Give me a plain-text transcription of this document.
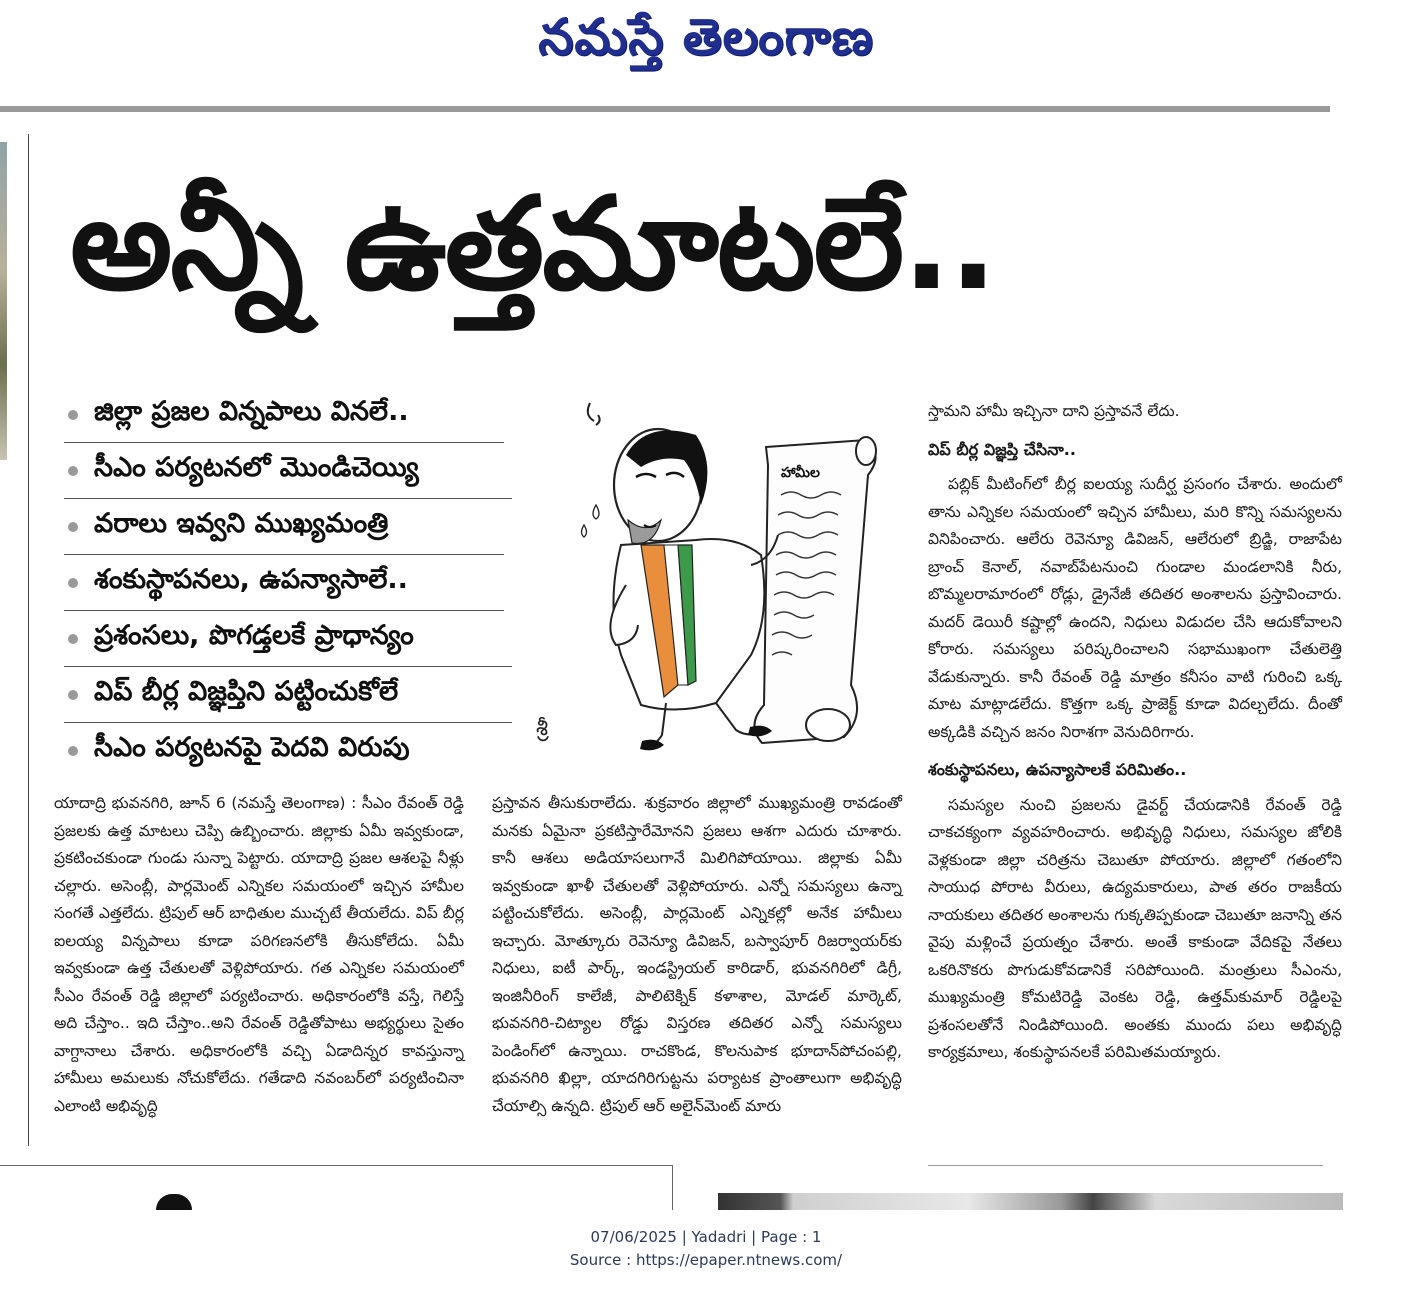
నమస్తే తెలంగాణ
అన్నీ ఉత్తమాటలే..
జిల్లా ప్రజల విన్నపాలు వినలే..
సీఎం పర్యటనలో మొండిచెయ్యి
వరాలు ఇవ్వని ముఖ్యమంత్రి
శంకుస్థాపనలు, ఉపన్యాసాలే..
ప్రశంసలు, పొగడ్తలకే ప్రాధాన్యం
విప్ బీర్ల విజ్ఞప్తిని పట్టించుకోలే
సీఎం పర్యటనపై పెదవి విరుపు
హామీల
శ్రీ
యాదాద్రి భువనగిరి, జూన్ 6 (నమస్తే తెలంగాణ) : సీఎం రేవంత్ రెడ్డి ప్రజలకు ఉత్త మాటలు చెప్పి ఉబ్బించారు. జిల్లాకు ఏమీ ఇవ్వకుండా, ప్రకటించకుండా గుండు సున్నా పెట్టారు. యాదాద్రి ప్రజల ఆశలపై నీళ్లు చల్లారు. అసెంబ్లీ, పార్లమెంట్ ఎన్నికల సమయంలో ఇచ్చిన హామీల సంగతే ఎత్తలేదు. ట్రిపుల్ ఆర్ బాధితుల ముచ్చటే తీయలేదు. విప్ బీర్ల ఐలయ్య విన్నపాలు కూడా పరిగణనలోకి తీసుకోలేదు. ఏమీ ఇవ్వకుండా ఉత్త చేతులతో వెళ్లిపోయారు. గత ఎన్నికల సమయంలో సీఎం రేవంత్ రెడ్డి జిల్లాలో పర్యటించారు. అధికారంలోకి వస్తే, గెలిస్తే అది చేస్తాం.. ఇది చేస్తాం..అని రేవంత్ రెడ్డితోపాటు అభ్యర్థులు సైతం వాగ్దానాలు చేశారు. అధికారంలోకి వచ్చి ఏడాదిన్నర కావస్తున్నా హామీలు అమలుకు నోచుకోలేదు. గతేడాది నవంబర్‌లో పర్యటించినా ఎలాంటి అభివృద్ధి
ప్రస్తావన తీసుకురాలేదు. శుక్రవారం జిల్లాలో ముఖ్యమంత్రి రావడంతో మనకు ఏమైనా ప్రకటిస్తారేమోనని ప్రజలు ఆశగా ఎదురు చూశారు. కానీ ఆశలు అడియాసలుగానే మిలిగిపోయాయి. జిల్లాకు ఏమీ ఇవ్వకుండా ఖాళీ చేతులతో వెళ్లిపోయారు. ఎన్నో సమస్యలు ఉన్నా పట్టించుకోలేదు. అసెంబ్లీ, పార్లమెంట్ ఎన్నికల్లో అనేక హామీలు ఇచ్చారు. మోత్కూరు రెవెన్యూ డివిజన్, బస్వాపూర్ రిజర్వాయర్‌కు నిధులు, ఐటీ పార్క్, ఇండస్ట్రియల్ కారిడార్, భువనగిరిలో డిగ్రీ, ఇంజినీరింగ్ కాలేజీ, పాలిటెక్నిక్ కళాశాల, మోడల్ మార్కెట్, భువనగిరి-చిట్యాల రోడ్డు విస్తరణ తదితర ఎన్నో సమస్యలు పెండింగ్‌లో ఉన్నాయి. రాచకొండ, కొలనుపాక భూదాన్‌పోచంపల్లి, భువనగిరి ఖిల్లా, యాదగిరిగుట్టను పర్యాటక ప్రాంతాలుగా అభివృద్ధి చేయాల్సి ఉన్నది. ట్రిపుల్ ఆర్ అలైన్‌మెంట్ మారు

స్తామని హామీ ఇచ్చినా దాని ప్రస్తావనే లేదు.

విప్ బీర్ల విజ్ఞప్తి చేసినా..

పబ్లిక్ మీటింగ్‌లో బీర్ల ఐలయ్య సుదీర్ఘ ప్రసంగం చేశారు. అందులో తాను ఎన్నికల సమయంలో ఇచ్చిన హామీలు, మరి కొన్ని సమస్యలను వినిపించారు. ఆలేరు రెవెన్యూ డివిజన్, ఆలేరులో బ్రిడ్జి, రాజాపేట బ్రాంచ్ కెనాల్, నవాబ్‌పేటనుంచి గుండాల మండలానికి నీరు, బొమ్మలరామారంలో రోడ్లు, డ్రైనేజీ తదితర అంశాలను ప్రస్తావించారు. మదర్ డెయిరీ కష్టాల్లో ఉందని, నిధులు విడుదల చేసి ఆదుకోవాలని కోరారు. సమస్యలు పరిష్కరించాలని సభాముఖంగా చేతులెత్తి వేడుకున్నారు. కానీ రేవంత్ రెడ్డి మాత్రం కనీసం వాటి గురించి ఒక్క మాట మాట్లాడలేదు. కొత్తగా ఒక్క ప్రాజెక్ట్ కూడా విదల్చలేదు. దీంతో అక్కడికి వచ్చిన జనం నిరాశగా వెనుదిరిగారు.

శంకుస్థాపనలు, ఉపన్యాసాలకే పరిమితం..

సమస్యల నుంచి ప్రజలను డైవర్ట్ చేయడానికి రేవంత్ రెడ్డి చాకచక్యంగా వ్యవహరించారు. అభివృద్ధి నిధులు, సమస్యల జోలికి వెళ్లకుండా జిల్లా చరిత్రను చెబుతూ పోయారు. జిల్లాలో గతంలోని సాయుధ పోరాట వీరులు, ఉద్యమకారులు, పాత తరం రాజకీయ నాయకులు తదితర అంశాలను గుక్కతిప్పకుండా చెబుతూ జనాన్ని తన వైపు మళ్లించే ప్రయత్నం చేశారు. అంతే కాకుండా వేదికపై నేతలు ఒకరినొకరు పొగుడుకోవడానికే సరిపోయింది. మంత్రులు సీఎంను, ముఖ్యమంత్రి కోమటిరెడ్డి వెంకట రెడ్డి, ఉత్తమ్‌కుమార్ రెడ్డిలపై ప్రశంసలతోనే నిండిపోయింది. అంతకు ముందు పలు అభివృద్ధి కార్యక్రమాలు, శంకుస్థాపనలకే పరిమితమయ్యారు.

07/06/2025 | Yadadri | Page : 1
Source : https://epaper.ntnews.com/
